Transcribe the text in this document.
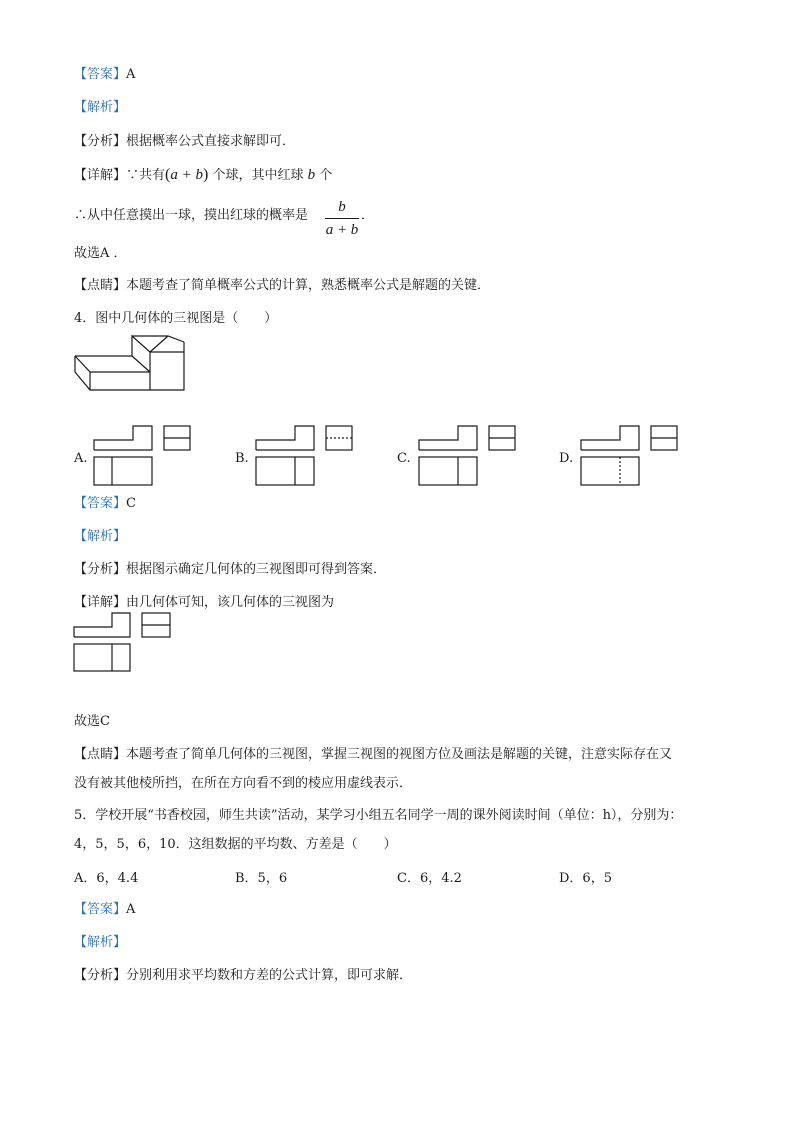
【答案】A
【解析】
【分析】根据概率公式直接求解即可．
【详解】∵共有(a + b) 个球，其中红球 b 个
∴从中任意摸出一球，摸出红球的概率是
b
a + b
．
故选A ．
【点睛】本题考查了简单概率公式的计算，熟悉概率公式是解题的关键．
4．图中几何体的三视图是（　　）
A.	B.	C.	D.
【答案】C
【解析】
【分析】根据图示确定几何体的三视图即可得到答案．
【详解】由几何体可知，该几何体的三视图为
故选C
【点睛】本题考查了简单几何体的三视图，掌握三视图的视图方位及画法是解题的关键，注意实际存在又
没有被其他棱所挡，在所在方向看不到的棱应用虚线表示．
5．学校开展“书香校园，师生共读”活动，某学习小组五名同学一周的课外阅读时间（单位：h），分别为：
4，5，5，6，10．这组数据的平均数、方差是（　　）
A．6，4.4	B．5，6	C．6，4.2	D．6，5
【答案】A
【解析】
【分析】分别利用求平均数和方差的公式计算，即可求解．
